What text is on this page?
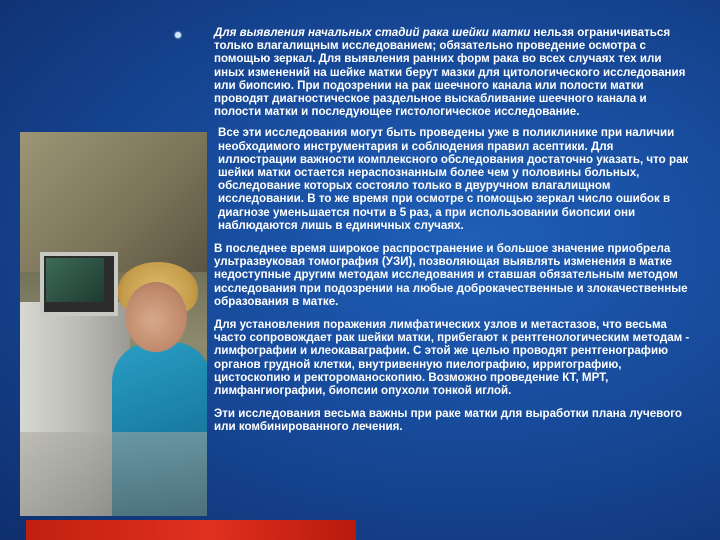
Для выявления начальных стадий рака шейки матки нельзя ограничиваться только влагалищным исследованием; обязательно проведение осмотра с помощью зеркал. Для выявления ранних форм рака во всех случаях тех или иных изменений на шейке матки берут мазки для цитологического исследования или биопсию. При подозрении на рак шеечного канала или полости матки проводят диагностическое раздельное выскабливание шеечного канала и полости матки и последующее гистологическое исследование.

Все эти исследования могут быть проведены уже в поликлинике при наличии необходимого инструментария и соблюдения правил асептики. Для иллюстрации важности комплексного обследования достаточно указать, что рак шейки матки остается нераспознанным более чем у половины больных, обследование которых состояло только в двуручном влагалищном исследовании. В то же время при осмотре с помощью зеркал число ошибок в диагнозе уменьшается почти в 5 раз, а при использовании биопсии они наблюдаются лишь в единичных случаях.

В последнее время широкое распространение и большое значение приобрела ультразвуковая томография (УЗИ), позволяющая выявлять изменения в матке недоступные другим методам исследования и ставшая обязательным методом исследования при подозрении на любые доброкачественные и злокачественные образования в матке.

Для установления поражения лимфатических узлов и метастазов, что весьма часто сопровождает рак шейки матки, прибегают к рентгенологическим методам - лимфографии и илеокаваграфии. С этой же целью проводят рентгенографию органов грудной клетки, внутривенную пиелографию, ирригографию, цистоскопию и ректороманоскопию. Возможно проведение КТ, МРТ, лимфангиографии, биопсии опухоли тонкой иглой.

Эти исследования весьма важны при раке матки для выработки плана лучевого или комбинированного лечения.
